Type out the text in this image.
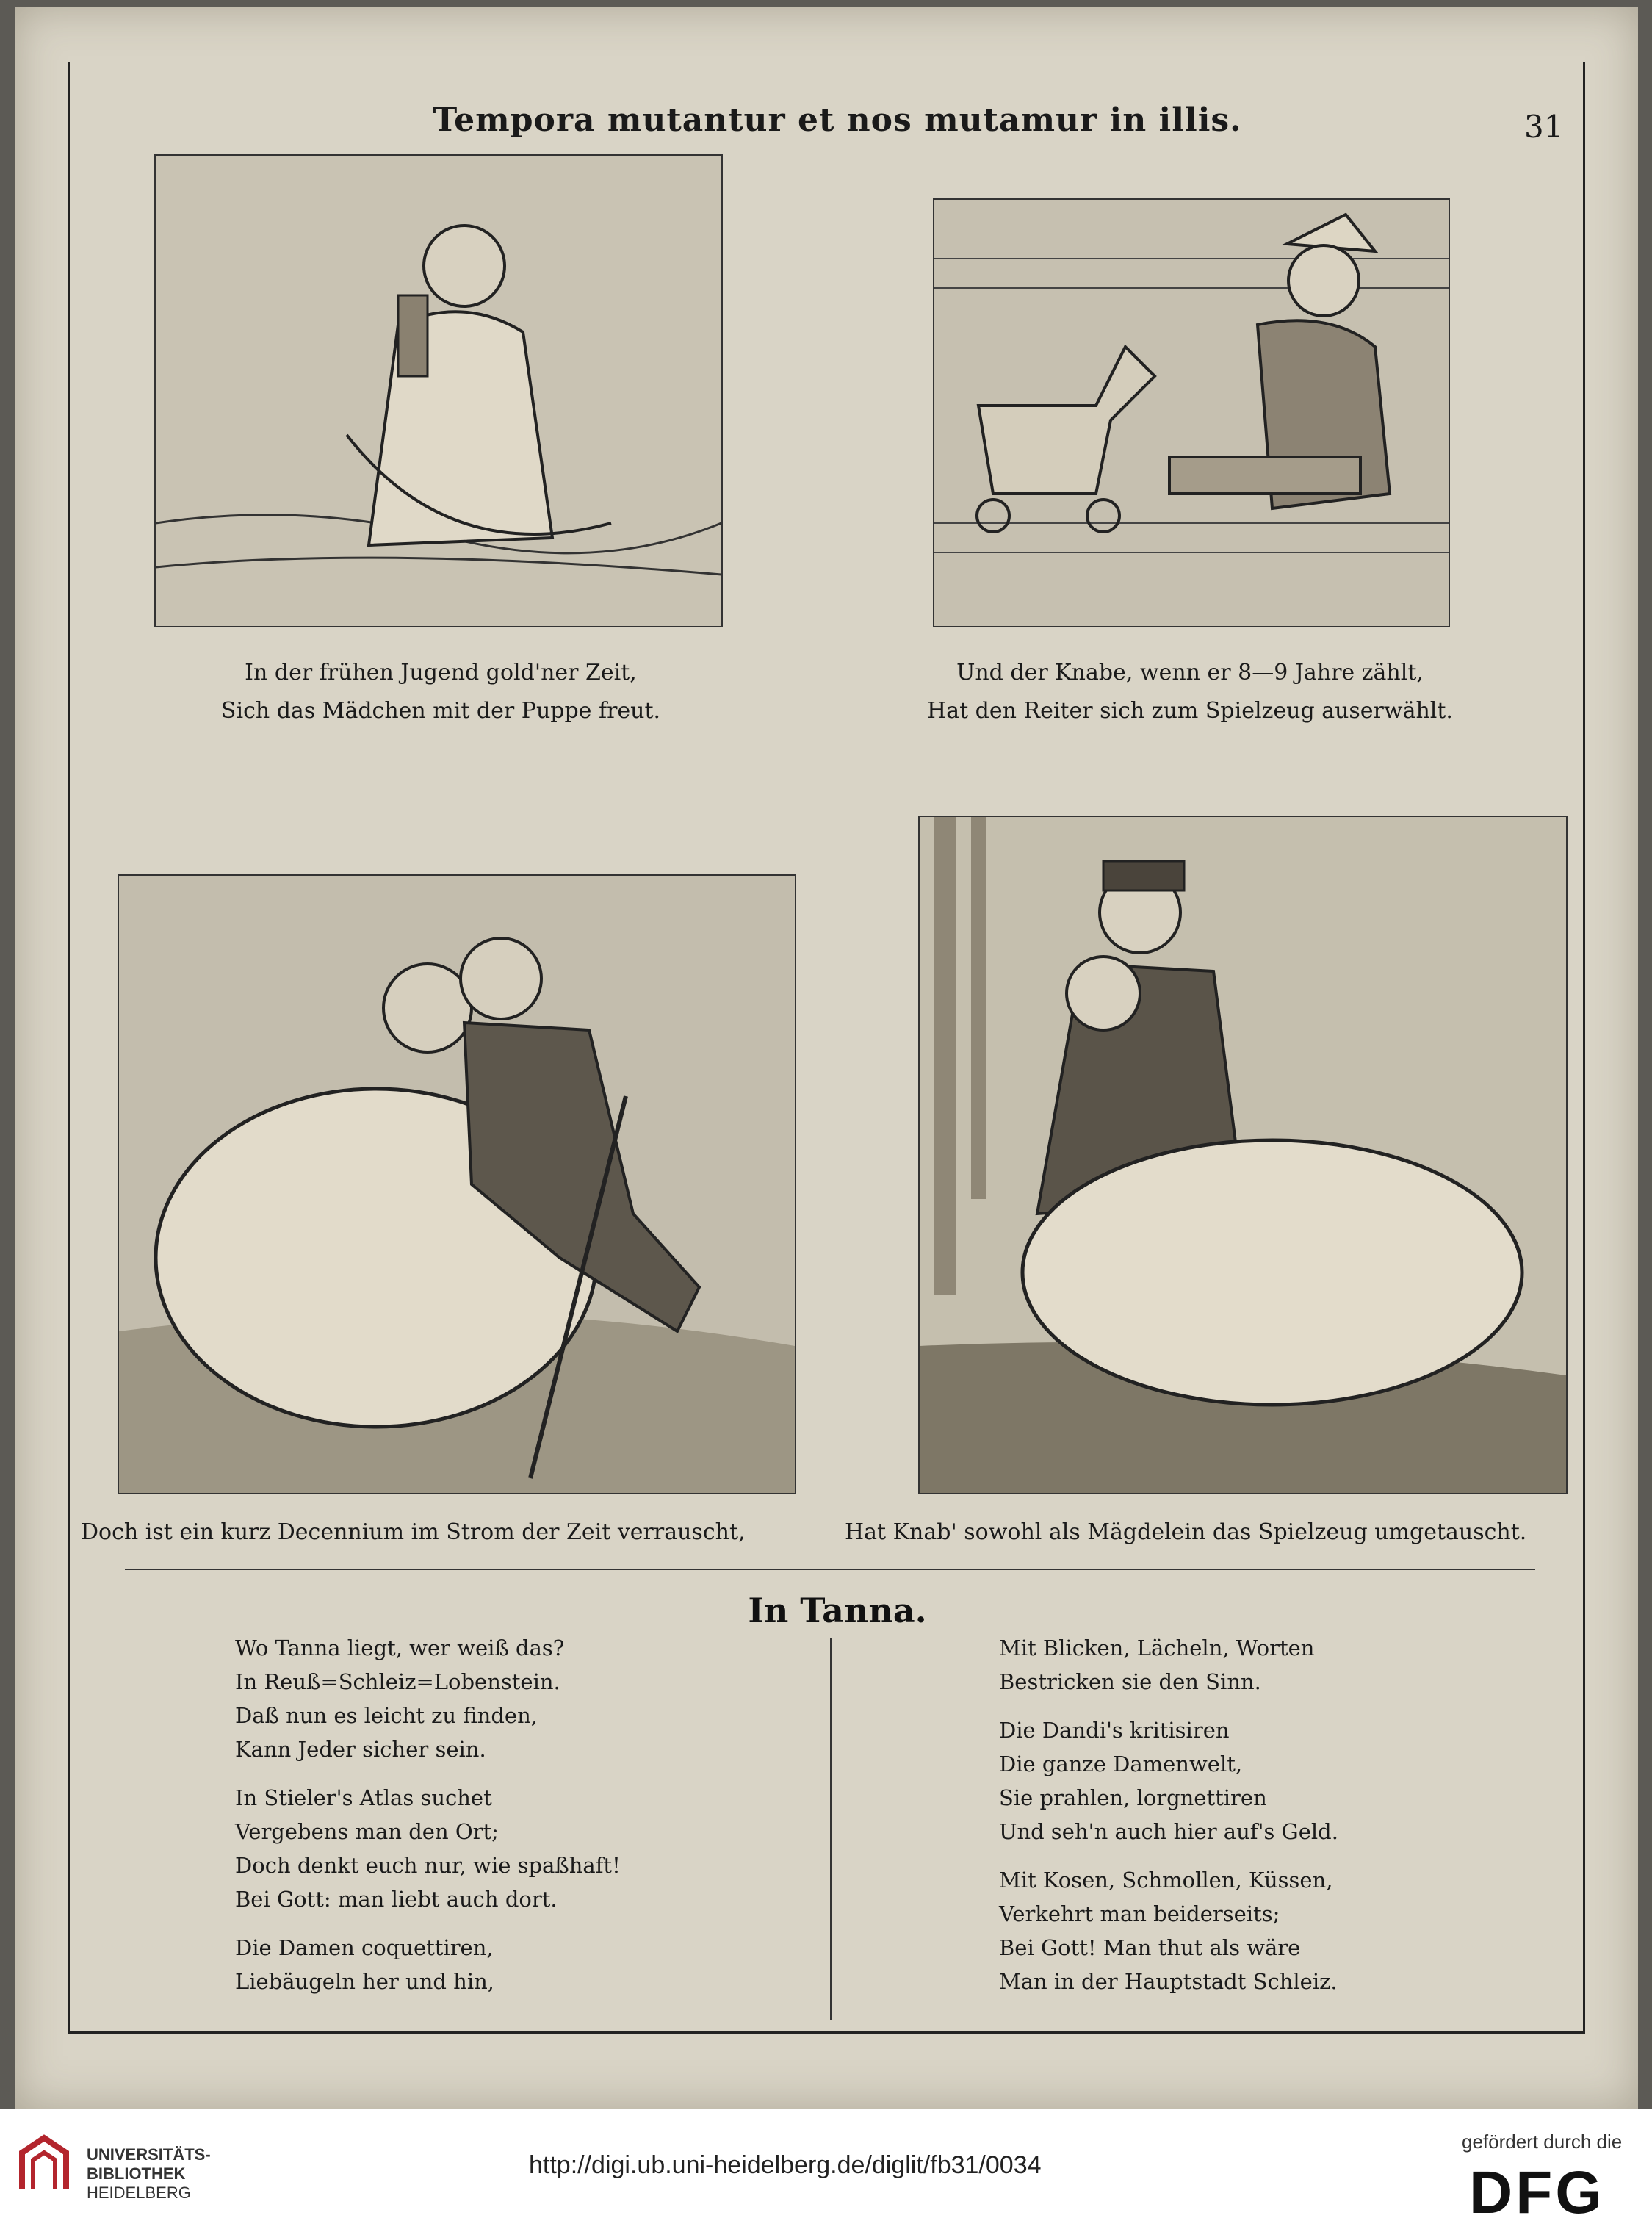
Tempora mutantur et nos mutamur in illis.	31
In der frühen Jugend gold'ner Zeit,
Sich das Mädchen mit der Puppe freut.
Und der Knabe, wenn er 8—9 Jahre zählt,
Hat den Reiter sich zum Spielzeug auserwählt.
Doch ist ein kurz Decennium im Strom der Zeit verrauscht,	Hat Knab' sowohl als Mägdelein das Spielzeug umgetauscht.
In Tanna.
Wo Tanna liegt, wer weiß das?
In Reuß=Schleiz=Lobenstein.
Daß nun es leicht zu finden,
Kann Jeder sicher sein.
In Stieler's Atlas suchet
Vergebens man den Ort;
Doch denkt euch nur, wie spaßhaft!
Bei Gott: man liebt auch dort.
Die Damen coquettiren,
Liebäugeln her und hin,
Mit Blicken, Lächeln, Worten
Bestricken sie den Sinn.
Die Dandi's kritisiren
Die ganze Damenwelt,
Sie prahlen, lorgnettiren
Und seh'n auch hier auf's Geld.
Mit Kosen, Schmollen, Küssen,
Verkehrt man beiderseits;
Bei Gott! Man thut als wäre
Man in der Hauptstadt Schleiz.
UNIVERSITÄTS-
BIBLIOTHEK
HEIDELBERG
http://digi.ub.uni-heidelberg.de/diglit/fb31/0034
gefördert durch die
DFG
